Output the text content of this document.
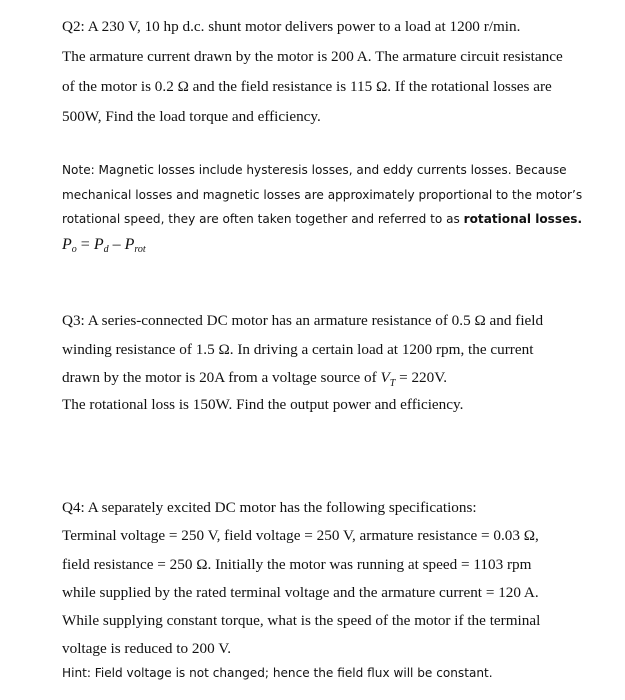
Q2: A 230 V, 10 hp d.c. shunt motor delivers power to a load at 1200 r/min.
The armature current drawn by the motor is 200 A. The armature circuit resistance
of the motor is 0.2 Ω and the field resistance is 115 Ω. If the rotational losses are
500W, Find the load torque and efficiency.
Note: Magnetic losses include hysteresis losses, and eddy currents losses. Because
mechanical losses and magnetic losses are approximately proportional to the motor’s
rotational speed, they are often taken together and referred to as rotational losses.
$P_o = P_d - P_{rot}$
Q3: A series-connected DC motor has an armature resistance of 0.5 Ω and field
winding resistance of 1.5 Ω. In driving a certain load at 1200 rpm, the current
drawn by the motor is 20A from a voltage source of $V_T = 220V$.
The rotational loss is 150W. Find the output power and efficiency.
Q4: A separately excited DC motor has the following specifications:
Terminal voltage = 250 V, field voltage = 250 V, armature resistance = 0.03 Ω,
field resistance = 250 Ω. Initially the motor was running at speed = 1103 rpm
while supplied by the rated terminal voltage and the armature current = 120 A.
While supplying constant torque, what is the speed of the motor if the terminal
voltage is reduced to 200 V.
Hint: Field voltage is not changed; hence the field flux will be constant.
